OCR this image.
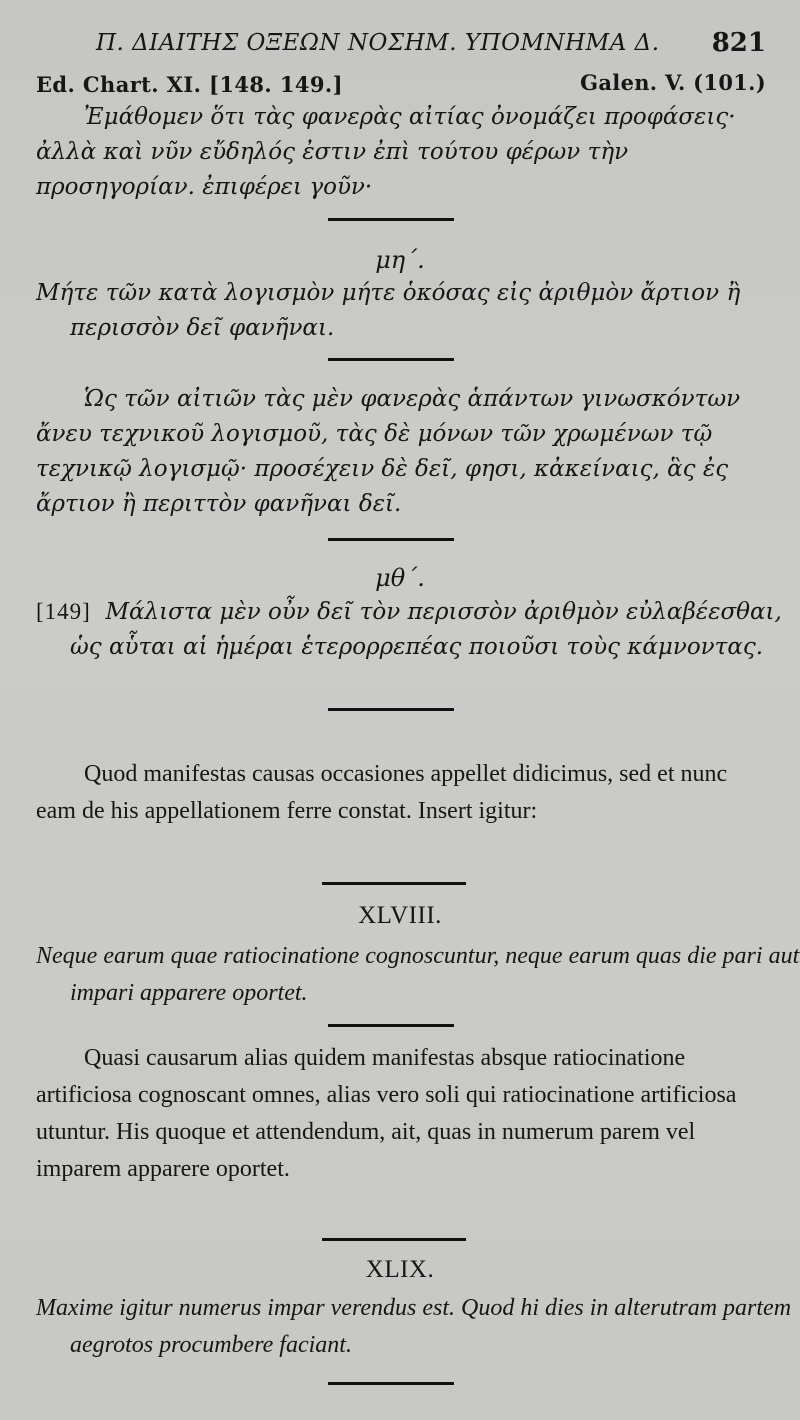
Π. ΔΙΑΙΤΗΣ ΟΞΕΩΝ ΝΟΣΗΜ. ΥΠΟΜΝΗΜΑ Δ. 821
Ed. Chart. XI. [148. 149.]	Galen. V. (101.)

Ἐμάθομεν ὅτι τὰς φανερὰς αἰτίας ὀνομάζει προφάσεις· ἀλλὰ καὶ νῦν εὔδηλός ἐστιν ἐπὶ τούτου φέρων τὴν προσηγορίαν. ἐπιφέρει γοῦν·

μη΄.

Μήτε τῶν κατὰ λογισμὸν μήτε ὁκόσας εἰς ἀριθμὸν ἄρτιον ἢ περισσὸν δεῖ φανῆναι.

Ὡς τῶν αἰτιῶν τὰς μὲν φανερὰς ἁπάντων γινωσκόντων ἄνευ τεχνικοῦ λογισμοῦ, τὰς δὲ μόνων τῶν χρωμένων τῷ τεχνικῷ λογισμῷ· προσέχειν δὲ δεῖ, φησι, κἀκείναις, ἃς ἐς ἄρτιον ἢ περιττὸν φανῆναι δεῖ.

μθ΄.
[149] Μάλιστα μὲν οὖν δεῖ τὸν περισσὸν ἀριθμὸν εὐλαβέεσθαι, ὡς αὗται αἱ ἡμέραι ἑτερορρεπέας ποιοῦσι τοὺς κάμνοντας.

Quod manifestas causas occasiones appellet didicimus, sed et nunc eam de his appellationem ferre constat. Insert igitur:

XLVIII.

Neque earum quae ratiocinatione cognoscuntur, neque earum quas die pari aut impari apparere oportet.

Quasi causarum alias quidem manifestas absque ratiocinatione artificiosa cognoscant omnes, alias vero soli qui ratiocinatione artificiosa utuntur. His quoque et attendendum, ait, quas in numerum parem vel imparem apparere oportet.

XLIX.

Maxime igitur numerus impar verendus est. Quod hi dies in alterutram partem aegrotos procumbere faciant.
